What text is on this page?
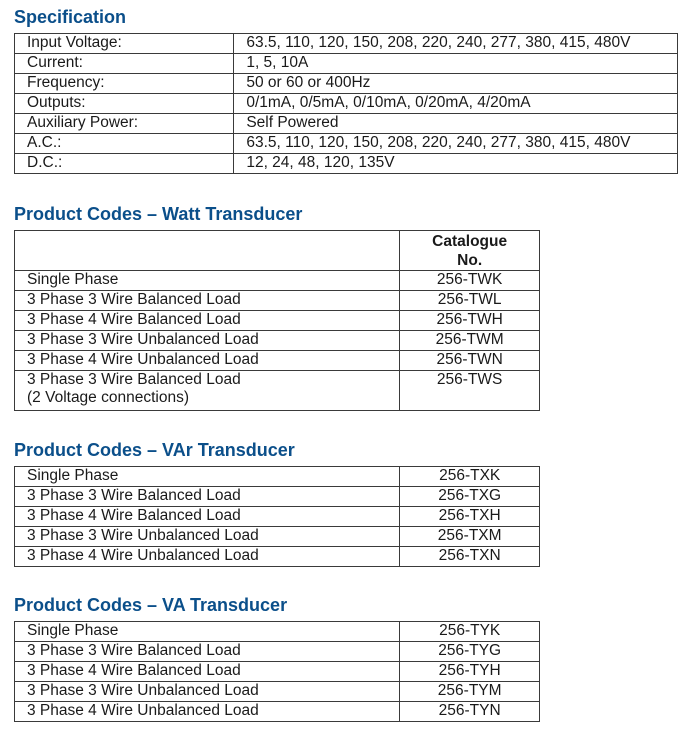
Specification
Input Voltage:	63.5, 110, 120, 150, 208, 220, 240, 277, 380, 415, 480V
Current:	1, 5, 10A
Frequency:	50 or 60 or 400Hz
Outputs:	0/1mA, 0/5mA, 0/10mA, 0/20mA, 4/20mA
Auxiliary Power:	Self Powered
A.C.:	63.5, 110, 120, 150, 208, 220, 240, 277, 380, 415, 480V
D.C.:	12, 24, 48, 120, 135V
Product Codes – Watt Transducer

	Catalogue
No.

Single Phase	256-TWK
3 Phase 3 Wire Balanced Load	256-TWL
3 Phase 4 Wire Balanced Load	256-TWH
3 Phase 3 Wire Unbalanced Load	256-TWM
3 Phase 4 Wire Unbalanced Load	256-TWN

3 Phase 3 Wire Balanced Load
(2 Voltage connections)	256-TWS
Product Codes – VAr Transducer
Single Phase	256-TXK
3 Phase 3 Wire Balanced Load	256-TXG
3 Phase 4 Wire Balanced Load	256-TXH
3 Phase 3 Wire Unbalanced Load	256-TXM
3 Phase 4 Wire Unbalanced Load	256-TXN
Product Codes – VA Transducer
Single Phase	256-TYK
3 Phase 3 Wire Balanced Load	256-TYG
3 Phase 4 Wire Balanced Load	256-TYH
3 Phase 3 Wire Unbalanced Load	256-TYM
3 Phase 4 Wire Unbalanced Load	256-TYN
